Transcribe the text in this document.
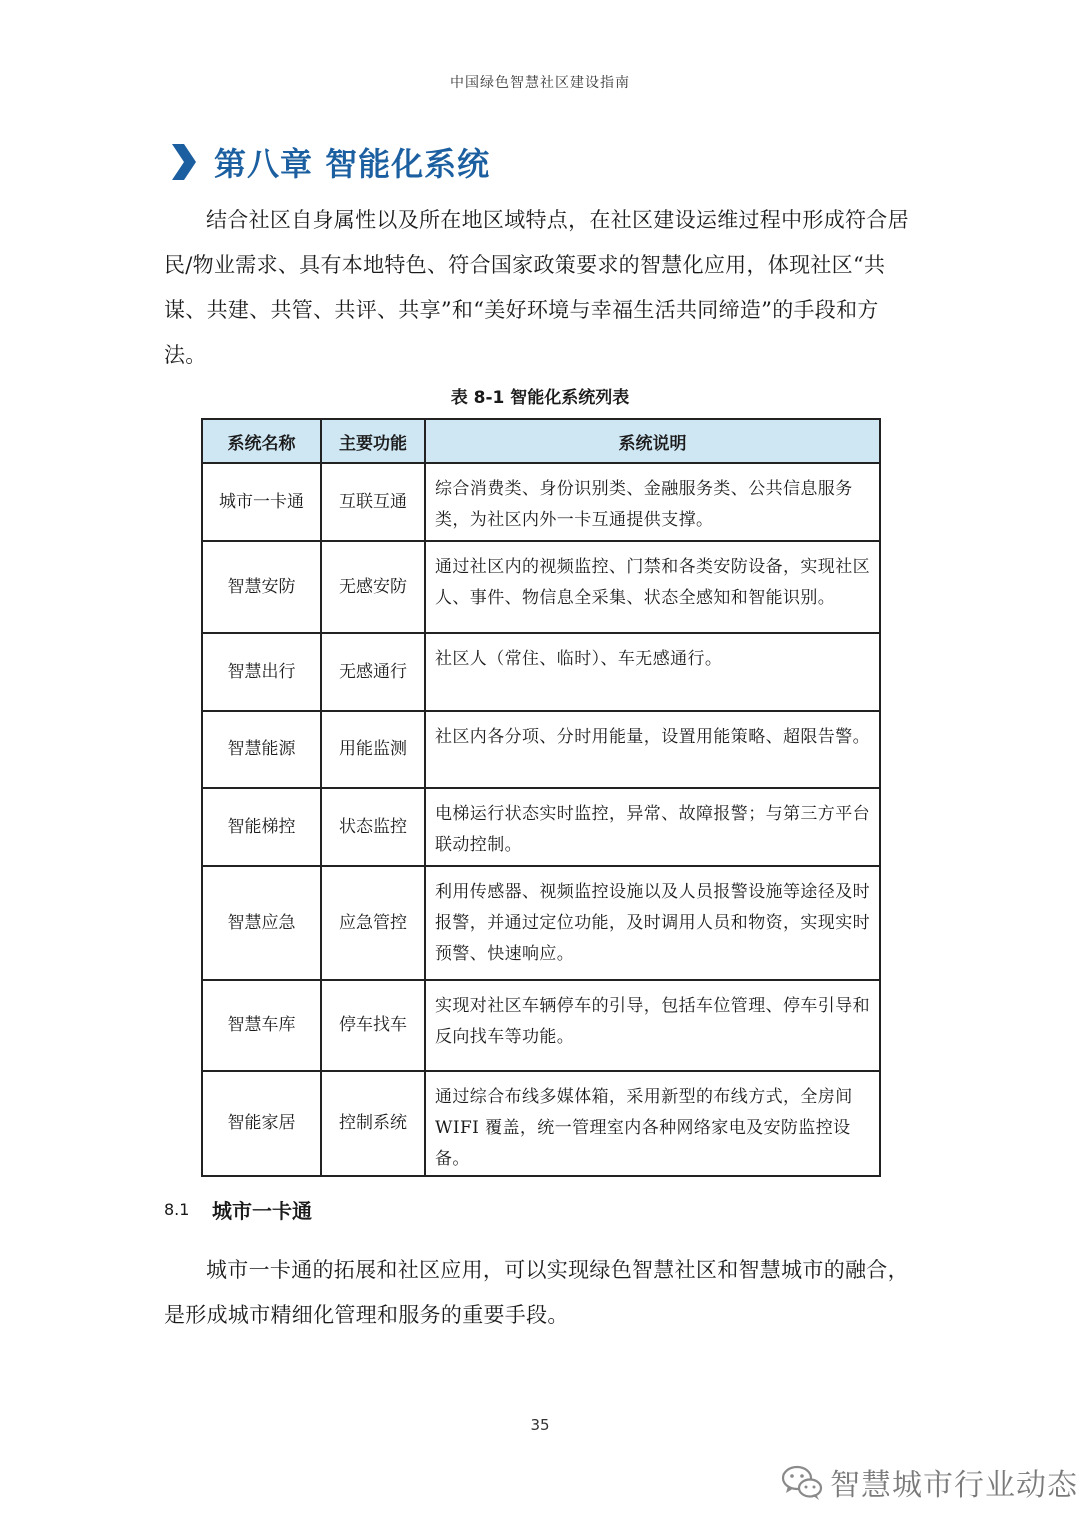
中国绿色智慧社区建设指南
第八章 智能化系统

结合社区自身属性以及所在地区域特点，在社区建设运维过程中形成符合居民/物业需求、具有本地特色、符合国家政策要求的智慧化应用，体现社区“共谋、共建、共管、共评、共享”和“美好环境与幸福生活共同缔造”的手段和方法。

表 8-1 智能化系统列表
系统名称	主要功能	系统说明
城市一卡通	互联互通	综合消费类、身份识别类、金融服务类、公共信息服务类，为社区内外一卡互通提供支撑。
智慧安防	无感安防	通过社区内的视频监控、门禁和各类安防设备，实现社区人、事件、物信息全采集、状态全感知和智能识别。
智慧出行	无感通行	社区人（常住、临时）、车无感通行。
智慧能源	用能监测	社区内各分项、分时用能量，设置用能策略、超限告警。
智能梯控	状态监控	电梯运行状态实时监控，异常、故障报警；与第三方平台联动控制。
智慧应急	应急管控	利用传感器、视频监控设施以及人员报警设施等途径及时报警，并通过定位功能，及时调用人员和物资，实现实时预警、快速响应。
智慧车库	停车找车	实现对社区车辆停车的引导，包括车位管理、停车引导和反向找车等功能。
智能家居	控制系统	通过综合布线多媒体箱，采用新型的布线方式，全房间 WIFI 覆盖，统一管理室内各种网络家电及安防监控设备。
8.1	城市一卡通

城市一卡通的拓展和社区应用，可以实现绿色智慧社区和智慧城市的融合，是形成城市精细化管理和服务的重要手段。

35
智慧城市行业动态
